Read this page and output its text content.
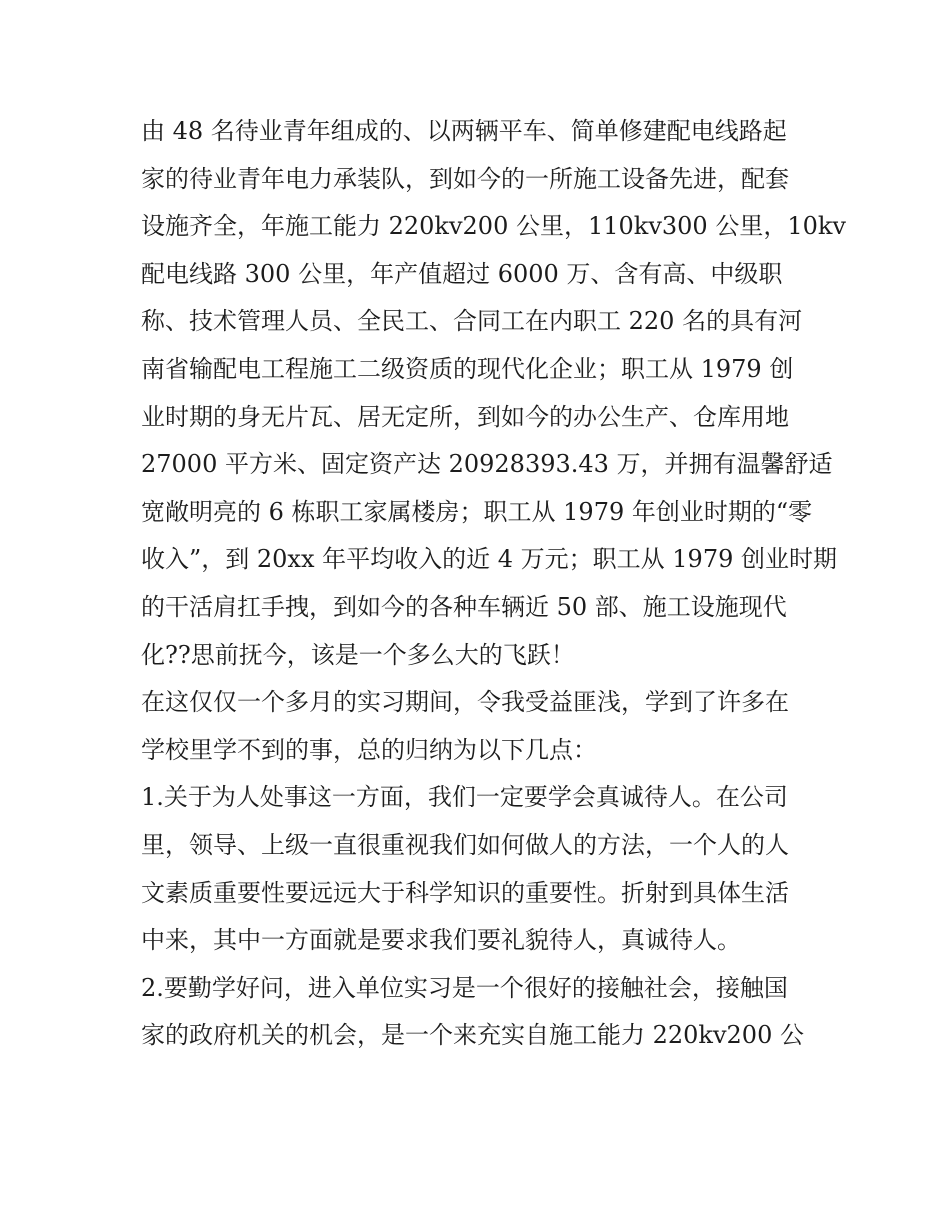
由 48 名待业青年组成的、以两辆平车、简单修建配电线路起
家的待业青年电力承装队，到如今的一所施工设备先进，配套
设施齐全，年施工能力 220kv200 公里，110kv300 公里，10kv
配电线路 300 公里，年产值超过 6000 万、含有高、中级职
称、技术管理人员、全民工、合同工在内职工 220 名的具有河
南省输配电工程施工二级资质的现代化企业；职工从 1979 创
业时期的身无片瓦、居无定所，到如今的办公生产、仓库用地
27000 平方米、固定资产达 20928393.43 万，并拥有温馨舒适
宽敞明亮的 6 栋职工家属楼房；职工从 1979 年创业时期的“零
收入”，到 20xx 年平均收入的近 4 万元；职工从 1979 创业时期
的干活肩扛手拽，到如今的各种车辆近 50 部、施工设施现代
化??思前抚今，该是一个多么大的飞跃！
在这仅仅一个多月的实习期间，令我受益匪浅，学到了许多在
学校里学不到的事，总的归纳为以下几点：
1.关于为人处事这一方面，我们一定要学会真诚待人。在公司
里，领导、上级一直很重视我们如何做人的方法，一个人的人
文素质重要性要远远大于科学知识的重要性。折射到具体生活
中来，其中一方面就是要求我们要礼貌待人，真诚待人。
2.要勤学好问，进入单位实习是一个很好的接触社会，接触国
家的政府机关的机会，是一个来充实自施工能力 220kv200 公
